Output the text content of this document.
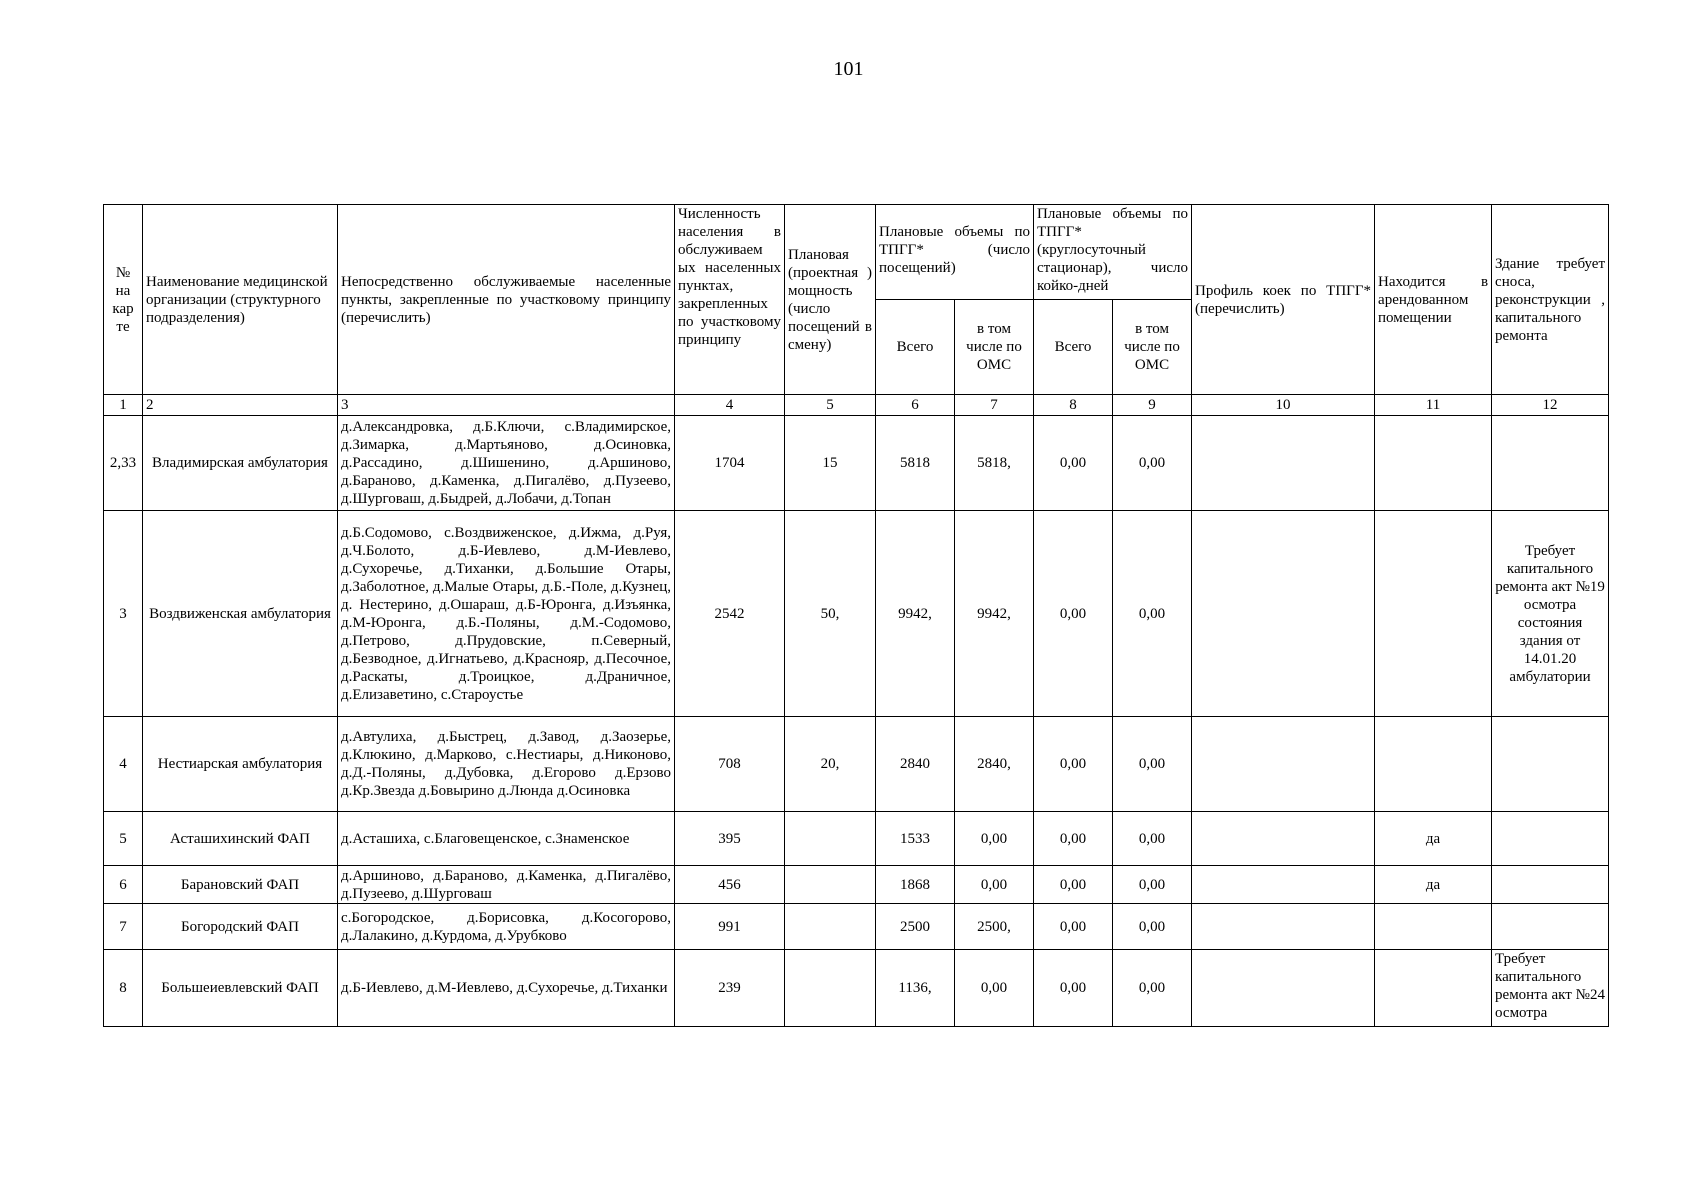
101
№ на кар те	Наименование медицинской организации (структурного подразделения)	Непосредственно обслуживаемые населенные пункты, закрепленные по участковому принципу (перечислить)	Численность населения в обслуживаем ых населенных пунктах, закрепленных по участковому принципу	Плановая (проектная ) мощность (число посещений в смену)	Плановые объемы по ТПГГ* (число посещений)		Плановые объемы по ТПГГ* (круглосуточный стационар), число койко-дней		Профиль коек по ТПГГ* (перечислить)	Находится в арендованном помещении	Здание требует сноса, реконструкции , капитального ремонта
					Всего	в том числе по ОМС	Всего	в том числе по ОМС			
1	2	3	4	5	6	7	8	9	10	11	12
2,33	Владимирская амбулатория	д.Александровка, д.Б.Ключи, с.Владимирское, д.Зимарка, д.Мартьяново, д.Осиновка, д.Рассадино, д.Шишенино, д.Аршиново, д.Бараново, д.Каменка, д.Пигалёво, д.Пузеево, д.Шурговаш, д.Быдрей, д.Лобачи, д.Топан	1704	15	5818	5818,	0,00	0,00			
3	Воздвиженская амбулатория	д.Б.Содомово, с.Воздвиженское, д.Ижма, д.Руя, д.Ч.Болото, д.Б-Иевлево, д.М-Иевлево, д.Сухоречье, д.Тиханки, д.Большие Отары, д.Заболотное, д.Малые Отары, д.Б.-Поле, д.Кузнец, д. Нестерино, д.Ошараш, д.Б-Юронга, д.Изъянка, д.М-Юронга, д.Б.-Поляны, д.М.-Содомово, д.Петрово, д.Прудовские, п.Северный, д.Безводное, д.Игнатьево, д.Краснояр, д.Песочное, д.Раскаты, д.Троицкое, д.Драничное, д.Елизаветино, с.Староустье	2542	50,	9942,	9942,	0,00	0,00			Требует капитального ремонта акт №19 осмотра состояния здания от 14.01.20 амбулатории
4	Нестиарская амбулатория	д.Автулиха, д.Быстрец, д.Завод, д.Заозерье, д.Клюкино, д.Марково, с.Нестиары, д.Никоново, д.Д.-Поляны, д.Дубовка, д.Егорово д.Ерзово д.Кр.Звезда д.Бовырино д.Люнда д.Осиновка	708	20,	2840	2840,	0,00	0,00			
5	Асташихинский ФАП	д.Асташиха, с.Благовещенское, с.Знаменское	395		1533	0,00	0,00	0,00		да	
6	Барановский ФАП	д.Аршиново, д.Бараново, д.Каменка, д.Пигалёво, д.Пузеево, д.Шурговаш	456		1868	0,00	0,00	0,00		да	
7	Богородский ФАП	с.Богородское, д.Борисовка, д.Косогорово, д.Лалакино, д.Курдома, д.Урубково	991		2500	2500,	0,00	0,00			
8	Большеиевлевский ФАП	д.Б-Иевлево, д.М-Иевлево, д.Сухоречье, д.Тиханки	239		1136,	0,00	0,00	0,00			Требует капитального ремонта акт №24 осмотра
